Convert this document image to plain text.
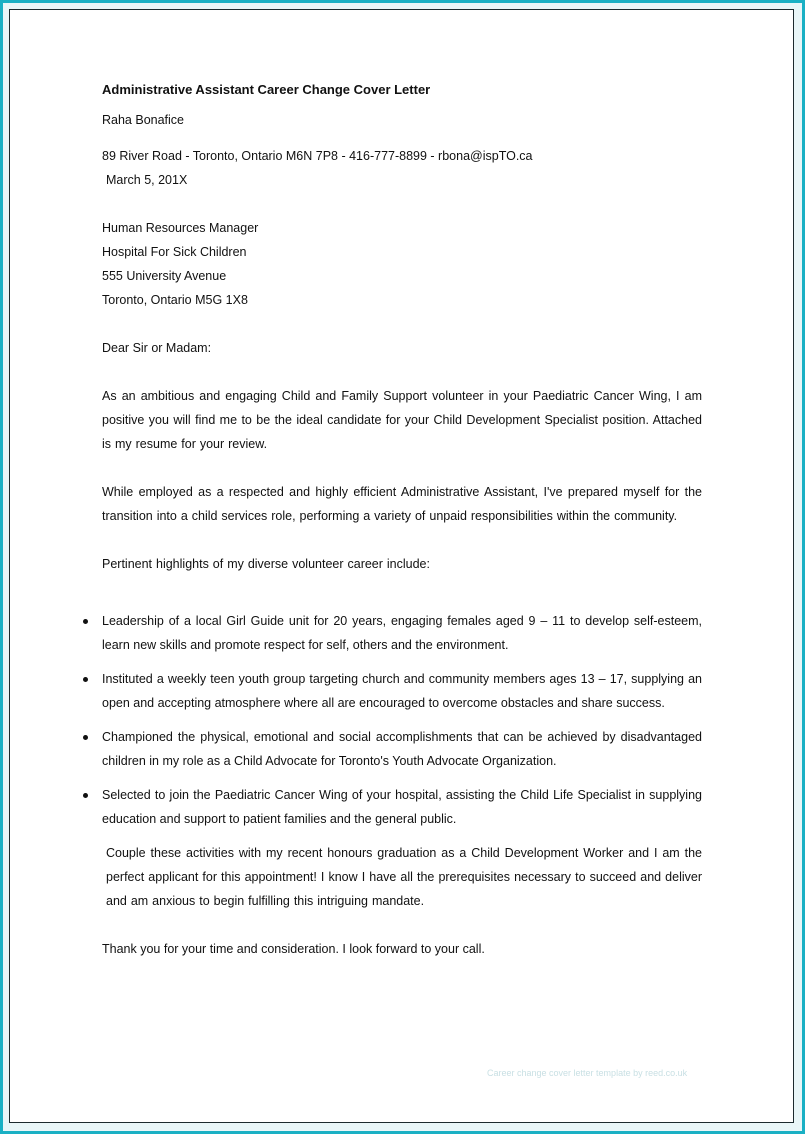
Administrative Assistant Career Change Cover Letter

Raha Bonafice

89 River Road - Toronto, Ontario M6N 7P8 - 416-777-8899 - rbona@ispTO.ca

March 5, 201X

Human Resources Manager

Hospital For Sick Children

555 University Avenue

Toronto, Ontario M5G 1X8

Dear Sir or Madam:

As an ambitious and engaging Child and Family Support volunteer in your Paediatric Cancer Wing, I am positive you will find me to be the ideal candidate for your Child Development Specialist position. Attached is my resume for your review.

While employed as a respected and highly efficient Administrative Assistant, I've prepared myself for the transition into a child services role, performing a variety of unpaid responsibilities within the community.

Pertinent highlights of my diverse volunteer career include:

Leadership of a local Girl Guide unit for 20 years, engaging females aged 9 – 11 to develop self-esteem, learn new skills and promote respect for self, others and the environment.
Instituted a weekly teen youth group targeting church and community members ages 13 – 17, supplying an open and accepting atmosphere where all are encouraged to overcome obstacles and share success.
Championed the physical, emotional and social accomplishments that can be achieved by disadvantaged children in my role as a Child Advocate for Toronto's Youth Advocate Organization.
Selected to join the Paediatric Cancer Wing of your hospital, assisting the Child Life Specialist in supplying education and support to patient families and the general public.

Couple these activities with my recent honours graduation as a Child Development Worker and I am the perfect applicant for this appointment! I know I have all the prerequisites necessary to succeed and deliver and am anxious to begin fulfilling this intriguing mandate.

Thank you for your time and consideration. I look forward to your call.

Career change cover letter template by reed.co.uk
